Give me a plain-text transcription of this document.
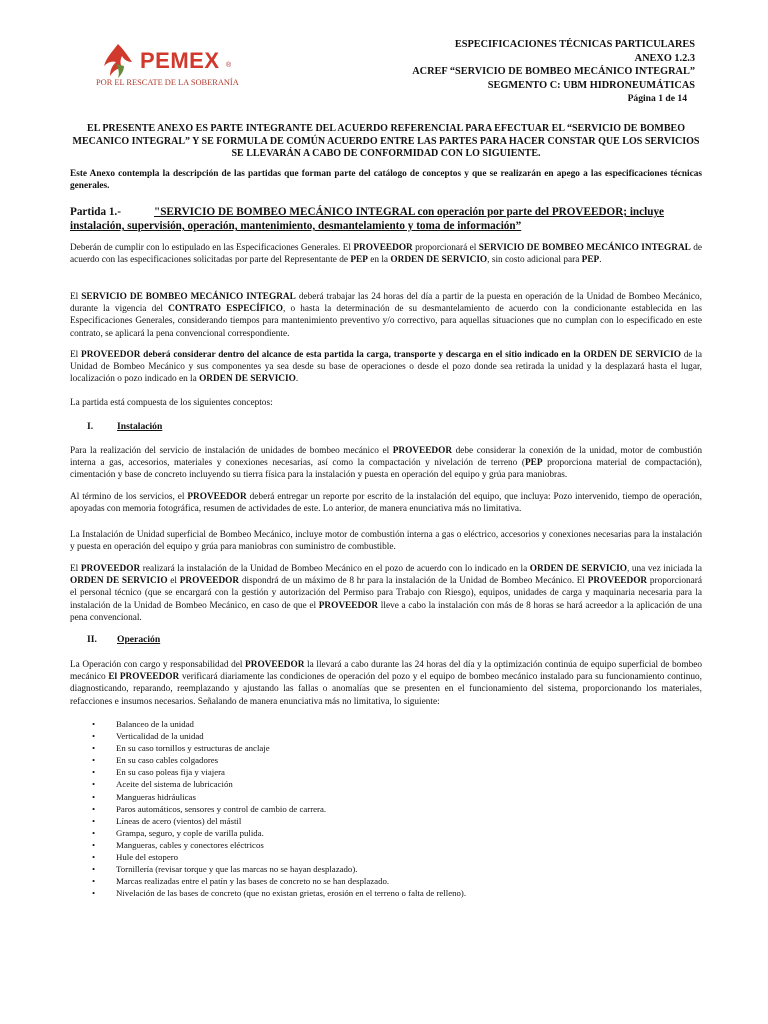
PEMEX ®
POR EL RESCATE DE LA SOBERANÍA
ESPECIFICACIONES TÉCNICAS PARTICULARES
ANEXO 1.2.3
ACREF “SERVICIO DE BOMBEO MECÁNICO INTEGRAL”
SEGMENTO C: UBM HIDRONEUMÁTICAS
Página 1 de 14
EL PRESENTE ANEXO ES PARTE INTEGRANTE DEL ACUERDO REFERENCIAL PARA EFECTUAR EL “SERVICIO DE BOMBEO MECANICO INTEGRAL” Y SE FORMULA DE COMÚN ACUERDO ENTRE LAS PARTES PARA HACER CONSTAR QUE LOS SERVICIOS SE LLEVARÁN A CABO DE CONFORMIDAD CON LO SIGUIENTE.
Este Anexo contempla la descripción de las partidas que forman parte del catálogo de conceptos y que se realizarán en apego a las especificaciones técnicas generales.
Partida 1.-	"SERVICIO DE BOMBEO MECÁNICO INTEGRAL con operación por parte del PROVEEDOR; incluye instalación, supervisión, operación, mantenimiento, desmantelamiento y toma de información”
Deberán de cumplir con lo estipulado en las Especificaciones Generales. El PROVEEDOR proporcionará el SERVICIO DE BOMBEO MECÁNICO INTEGRAL de acuerdo con las especificaciones solicitadas por parte del Representante de PEP en la ORDEN DE SERVICIO, sin costo adicional para PEP.
El SERVICIO DE BOMBEO MECÁNICO INTEGRAL deberá trabajar las 24 horas del día a partir de la puesta en operación de la Unidad de Bombeo Mecánico, durante la vigencia del CONTRATO ESPECÍFICO, o hasta la determinación de su desmantelamiento de acuerdo con la condicionante establecida en las Especificaciones Generales, considerando tiempos para mantenimiento preventivo y/o correctivo, para aquellas situaciones que no cumplan con lo especificado en este contrato, se aplicará la pena convencional correspondiente.
El PROVEEDOR deberá considerar dentro del alcance de esta partida la carga, transporte y descarga en el sitio indicado en la ORDEN DE SERVICIO de la Unidad de Bombeo Mecánico y sus componentes ya sea desde su base de operaciones o desde el pozo donde sea retirada la unidad y la desplazará hasta el lugar, localización o pozo indicado en la ORDEN DE SERVICIO.
La partida está compuesta de los siguientes conceptos:
I. Instalación
Para la realización del servicio de instalación de unidades de bombeo mecánico el PROVEEDOR debe considerar la conexión de la unidad, motor de combustión interna a gas, accesorios, materiales y conexiones necesarias, así como la compactación y nivelación de terreno (PEP proporciona material de compactación), cimentación y base de concreto incluyendo su tierra física para la instalación y puesta en operación del equipo y grúa para maniobras.
Al término de los servicios, el PROVEEDOR deberá entregar un reporte por escrito de la instalación del equipo, que incluya: Pozo intervenido, tiempo de operación, apoyadas con memoria fotográfica, resumen de actividades de este. Lo anterior, de manera enunciativa más no limitativa.
La Instalación de Unidad superficial de Bombeo Mecánico, incluye motor de combustión interna a gas o eléctrico, accesorios y conexiones necesarias para la instalación y puesta en operación del equipo y grúa para maniobras con suministro de combustible.
El PROVEEDOR realizará la instalación de la Unidad de Bombeo Mecánico en el pozo de acuerdo con lo indicado en la ORDEN DE SERVICIO, una vez iniciada la ORDEN DE SERVICIO el PROVEEDOR dispondrá de un máximo de 8 hr para la instalación de la Unidad de Bombeo Mecánico. El PROVEEDOR proporcionará el personal técnico (que se encargará con la gestión y autorización del Permiso para Trabajo con Riesgo), equipos, unidades de carga y maquinaria necesaria para la instalación de la Unidad de Bombeo Mecánico, en caso de que el PROVEEDOR lleve a cabo la instalación con más de 8 horas se hará acreedor a la aplicación de una pena convencional.
II. Operación
La Operación con cargo y responsabilidad del PROVEEDOR la llevará a cabo durante las 24 horas del día y la optimización continúa de equipo superficial de bombeo mecánico El PROVEEDOR verificará diariamente las condiciones de operación del pozo y el equipo de bombeo mecánico instalado para su funcionamiento continuo, diagnosticando, reparando, reemplazando y ajustando las fallas o anomalías que se presenten en el funcionamiento del sistema, proporcionando los materiales, refacciones e insumos necesarios. Señalando de manera enunciativa más no limitativa, lo siguiente:
• Balanceo de la unidad
• Verticalidad de la unidad
• En su caso tornillos y estructuras de anclaje
• En su caso cables colgadores
• En su caso poleas fija y viajera
• Aceite del sistema de lubricación
• Mangueras hidráulicas
• Paros automáticos, sensores y control de cambio de carrera.
• Líneas de acero (vientos) del mástil
• Grampa, seguro, y cople de varilla pulida.
• Mangueras, cables y conectores eléctricos
• Hule del estopero
• Tornillería (revisar torque y que las marcas no se hayan desplazado).
• Marcas realizadas entre el patín y las bases de concreto no se han desplazado.
• Nivelación de las bases de concreto (que no existan grietas, erosión en el terreno o falta de relleno).
